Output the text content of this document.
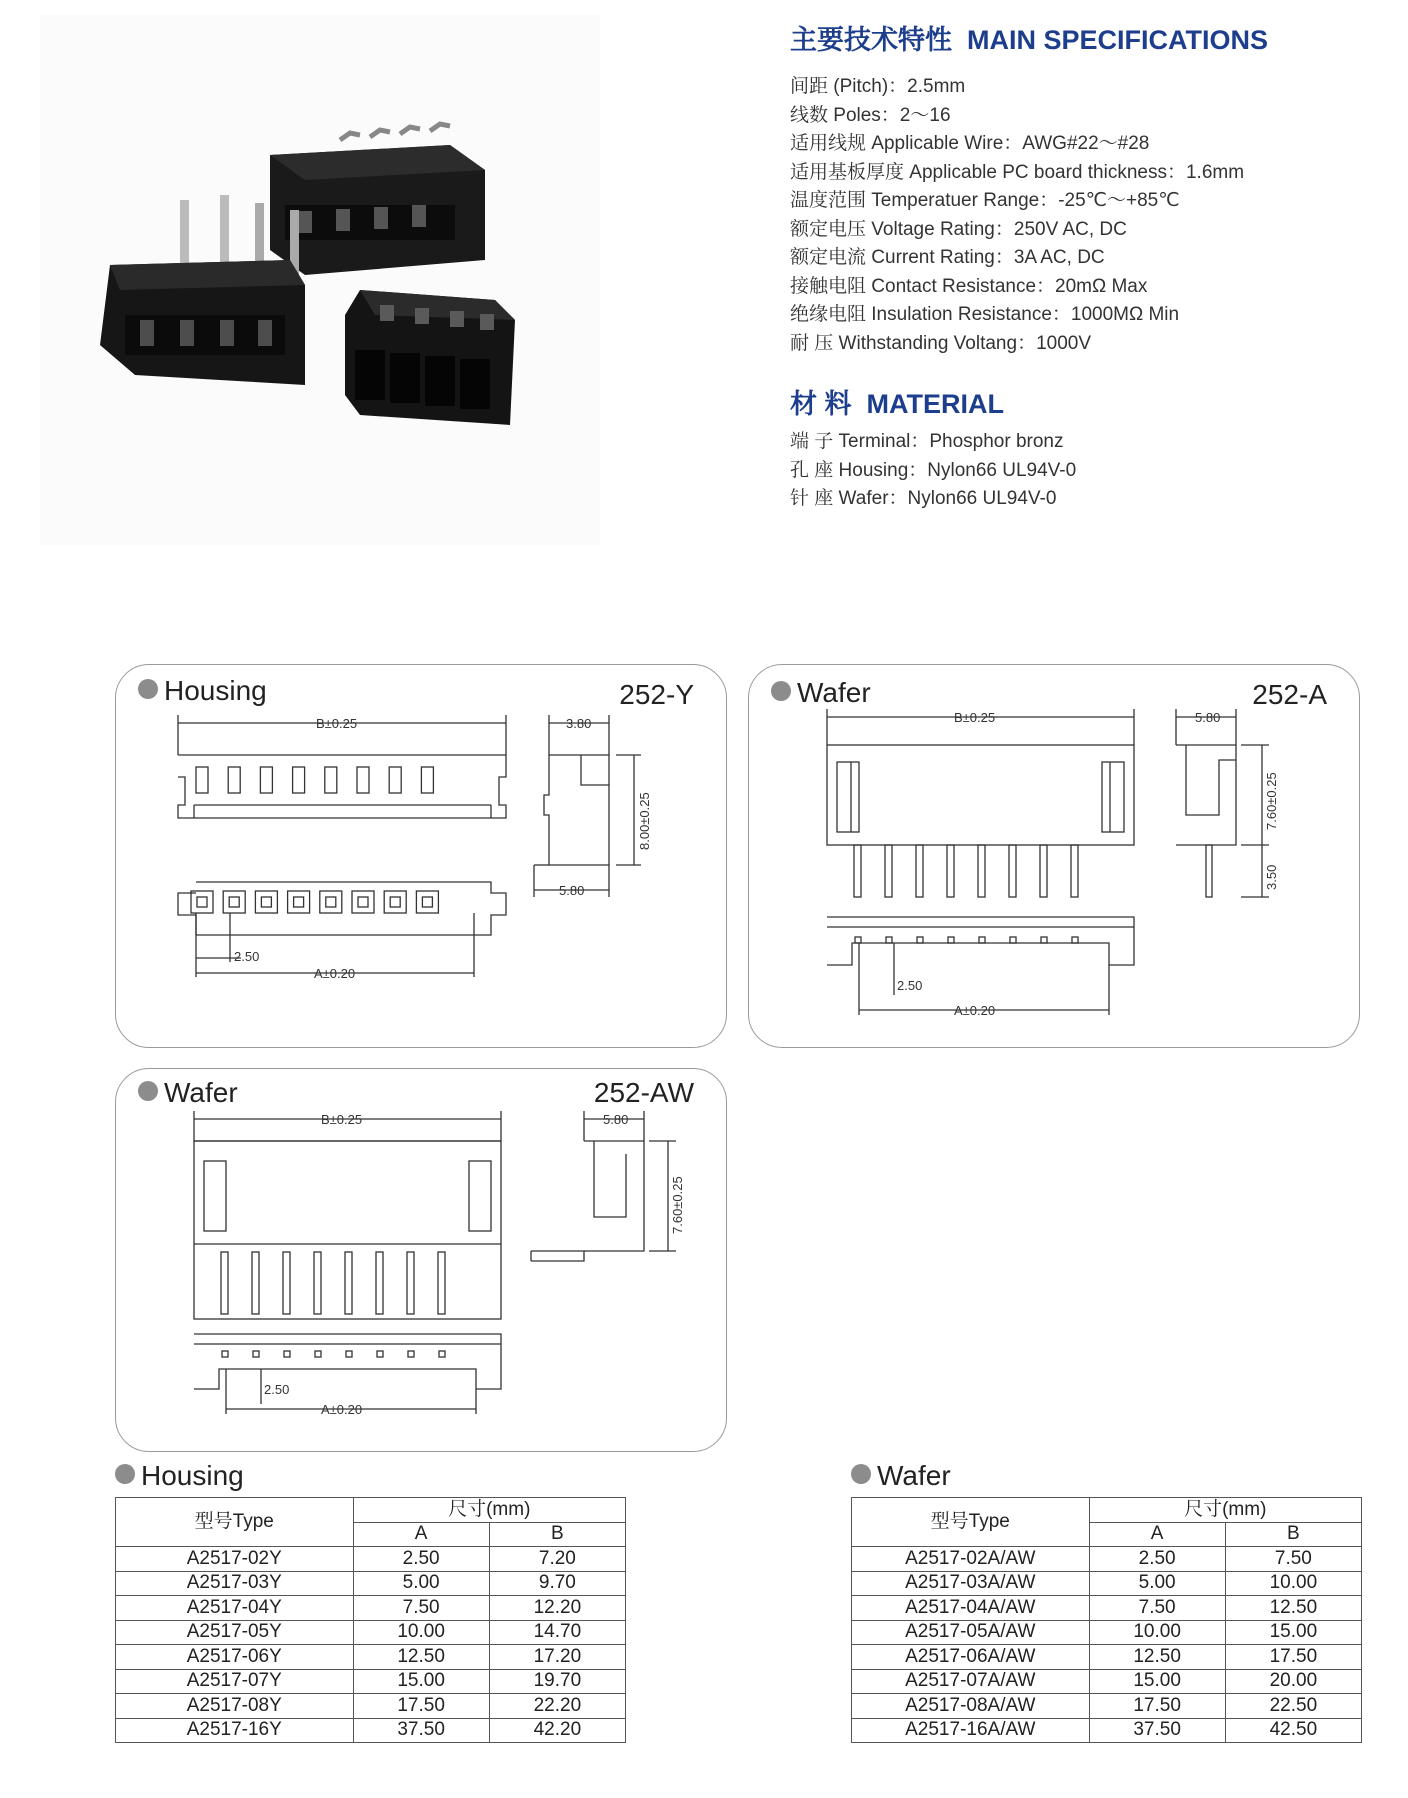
主要技术特性 MAIN SPECIFICATIONS
间距 (Pitch)：2.5mm
线数 Poles：2～16
适用线规 Applicable Wire：AWG#22～#28
适用基板厚度 Applicable PC board thickness：1.6mm
温度范围 Temperatuer Range：-25℃～+85℃
额定电压 Voltage Rating：250V AC, DC
额定电流 Current Rating：3A AC, DC
接触电阻 Contact Resistance：20mΩ Max
绝缘电阻 Insulation Resistance：1000MΩ Min
耐 压 Withstanding Voltang：1000V
材 料 MATERIAL
端 子 Terminal：Phosphor bronz
孔 座 Housing：Nylon66 UL94V-0
针 座 Wafer：Nylon66 UL94V-0
Housing	252-Y
B±0.25	3.80
5.80
8.00±0.25
2.50
A±0.20
Wafer	252-A
B±0.25	5.80
7.60±0.25
3.50
2.50
A±0.20
Wafer	252-AW
B±0.25	5.80
7.60±0.25
2.50
A±0.20
Housing
型号Type	尺寸(mm)	
	A	B
A2517-02Y	2.50	7.20
A2517-03Y	5.00	9.70
A2517-04Y	7.50	12.20
A2517-05Y	10.00	14.70
A2517-06Y	12.50	17.20
A2517-07Y	15.00	19.70
A2517-08Y	17.50	22.20
A2517-16Y	37.50	42.20
Wafer
型号Type	尺寸(mm)	
	A	B
A2517-02A/AW	2.50	7.50
A2517-03A/AW	5.00	10.00
A2517-04A/AW	7.50	12.50
A2517-05A/AW	10.00	15.00
A2517-06A/AW	12.50	17.50
A2517-07A/AW	15.00	20.00
A2517-08A/AW	17.50	22.50
A2517-16A/AW	37.50	42.50
